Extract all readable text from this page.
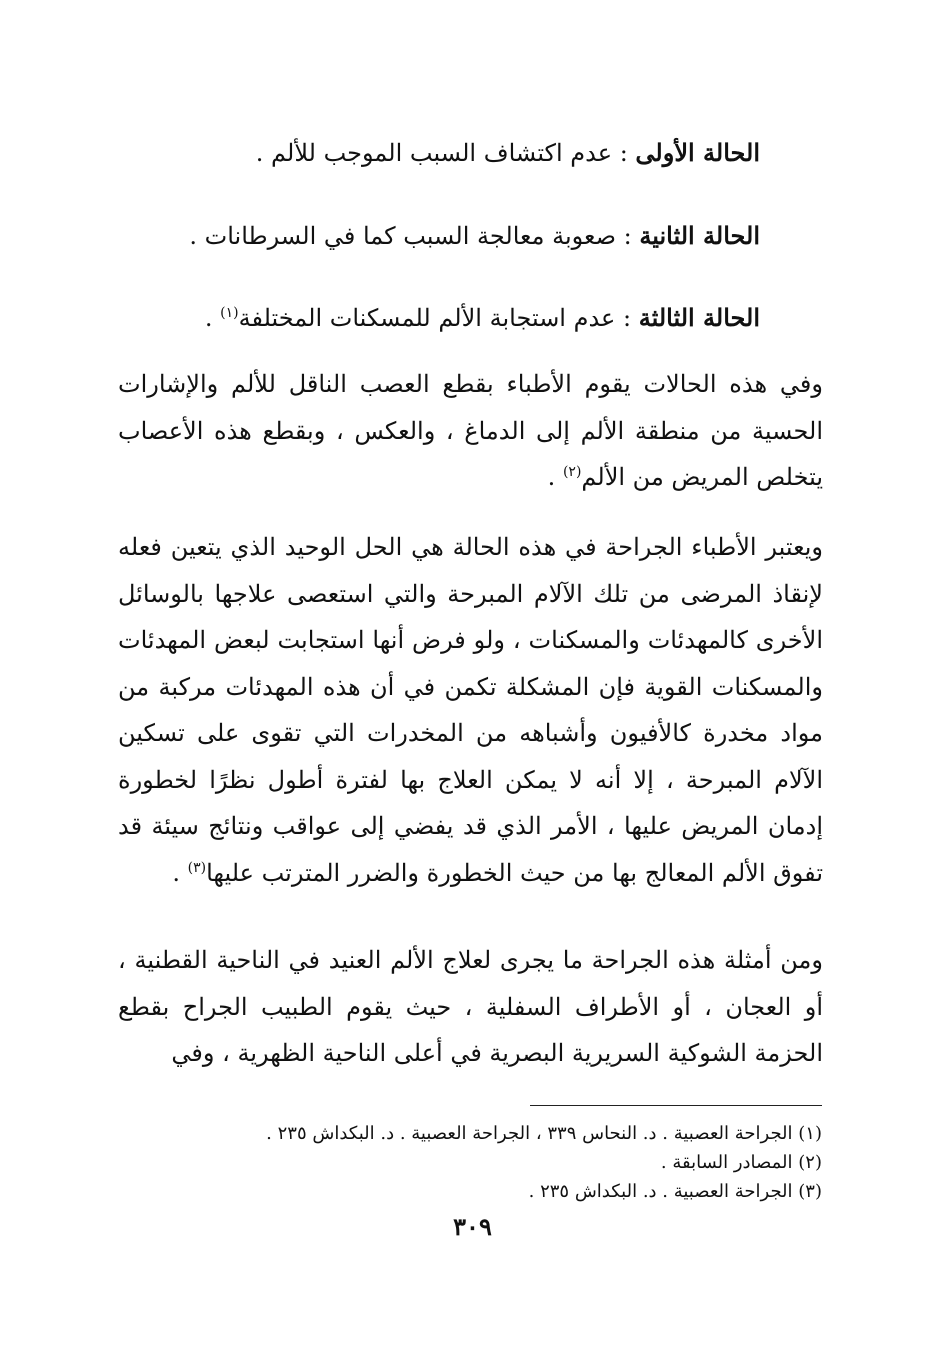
الحالة الأولى : عدم اكتشاف السبب الموجب للألم .
الحالة الثانية : صعوبة معالجة السبب كما في السرطانات .
الحالة الثالثة : عدم استجابة الألم للمسكنات المختلفة$^{(١)}$ .

وفي هذه الحالات يقوم الأطباء بقطع العصب الناقل للألم والإشارات الحسية من منطقة الألم إلى الدماغ ، والعكس ، وبقطع هذه الأعصاب يتخلص المريض من الألم$^{(٢)}$ .

ويعتبر الأطباء الجراحة في هذه الحالة هي الحل الوحيد الذي يتعين فعله لإنقاذ المرضى من تلك الآلام المبرحة والتي استعصى علاجها بالوسائل الأخرى كالمهدئات والمسكنات ، ولو فرض أنها استجابت لبعض المهدئات والمسكنات القوية فإن المشكلة تكمن في أن هذه المهدئات مركبة من مواد مخدرة كالأفيون وأشباهه من المخدرات التي تقوى على تسكين الآلام المبرحة ، إلا أنه لا يمكن العلاج بها لفترة أطول نظرًا لخطورة إدمان المريض عليها ، الأمر الذي قد يفضي إلى عواقب ونتائج سيئة قد تفوق الألم المعالج بها من حيث الخطورة والضرر المترتب عليها$^{(٣)}$ .

ومن أمثلة هذه الجراحة ما يجرى لعلاج الألم العنيد في الناحية القطنية ، أو العجان ، أو الأطراف السفلية ، حيث يقوم الطبيب الجراح بقطع الحزمة الشوكية السريرية البصرية في أعلى الناحية الظهرية ، وفي

(١) الجراحة العصبية . د. النحاس ٣٣٩ ، الجراحة العصبية . د. البكداش ٢٣٥ .
(٢) المصادر السابقة .
(٣) الجراحة العصبية . د. البكداش ٢٣٥ .
٣٠٩
